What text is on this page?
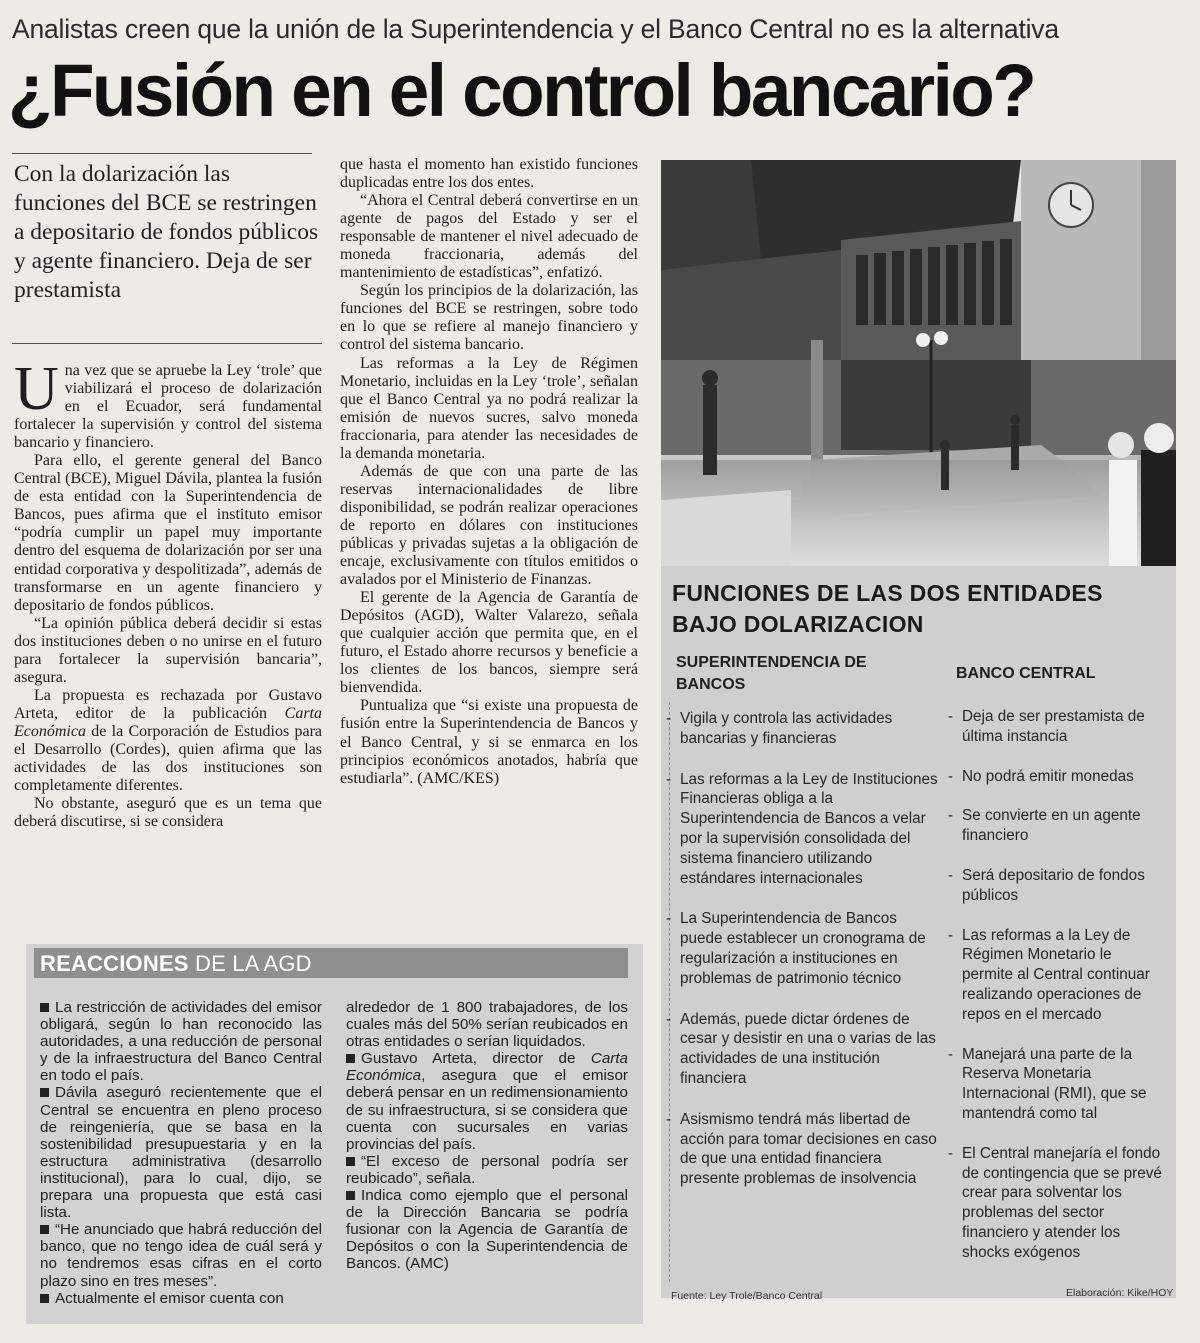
Analistas creen que la unión de la Superintendencia y el Banco Central no es la alternativa
¿Fusión en el control bancario?
Con la dolarización las funciones del BCE se restringen a depositario de fondos públicos y agente financiero. Deja de ser prestamista

Una vez que se apruebe la Ley ‘trole’ que viabilizará el proceso de dolarización en el Ecuador, será fundamental fortalecer la supervisión y control del sistema bancario y financiero.

Para ello, el gerente general del Banco Central (BCE), Miguel Dávila, plantea la fusión de esta entidad con la Superintendencia de Bancos, pues afirma que el instituto emisor “podría cumplir un papel muy importante dentro del esquema de dolarización por ser una entidad corporativa y despolitizada”, además de transformarse en un agente financiero y depositario de fondos públicos.

“La opinión pública deberá decidir si estas dos instituciones deben o no unirse en el futuro para fortalecer la supervisión bancaria”, asegura.

La propuesta es rechazada por Gustavo Arteta, editor de la publicación Carta Económica de la Corporación de Estudios para el Desarrollo (Cordes), quien afirma que las actividades de las dos instituciones son completamente diferentes.

No obstante, aseguró que es un tema que deberá discutirse, si se considera

que hasta el momento han existido funciones duplicadas entre los dos entes.

“Ahora el Central deberá convertirse en un agente de pagos del Estado y ser el responsable de mantener el nivel adecuado de moneda fraccionaria, además del mantenimiento de estadísticas”, enfatizó.

Según los principios de la dolarización, las funciones del BCE se restringen, sobre todo en lo que se refiere al manejo financiero y control del sistema bancario.

Las reformas a la Ley de Régimen Monetario, incluidas en la Ley ‘trole’, señalan que el Banco Central ya no podrá realizar la emisión de nuevos sucres, salvo moneda fraccionaria, para atender las necesidades de la demanda monetaria.

Además de que con una parte de las reservas internacionalidades de libre disponibilidad, se podrán realizar operaciones de reporto en dólares con instituciones públicas y privadas sujetas a la obligación de encaje, exclusivamente con títulos emitidos o avalados por el Ministerio de Finanzas.

El gerente de la Agencia de Garantía de Depósitos (AGD), Walter Valarezo, señala que cualquier acción que permita que, en el futuro, el Estado ahorre recursos y beneficie a los clientes de los bancos, siempre será bienvendida.

Puntualiza que “si existe una propuesta de fusión entre la Superintendencia de Bancos y el Banco Central, y si se enmarca en los principios económicos anotados, habría que estudiarla”. (AMC/KES)

FUNCIONES DE LAS DOS ENTIDADES BAJO DOLARIZACION
SUPERINTENDENCIA DE BANCOS
BANCO CENTRAL
- Vigila y controla las actividades bancarias y financieras
- Las reformas a la Ley de Instituciones Financieras obliga a la Superintendencia de Bancos a velar por la supervisión consolidada del sistema financiero utilizando estándares internacionales
- La Superintendencia de Bancos puede establecer un cronograma de regularización a instituciones en problemas de patrimonio técnico
- Además, puede dictar órdenes de cesar y desistir en una o varias de las actividades de una institución financiera
- Asismismo tendrá más libertad de acción para tomar decisiones en caso de que una entidad financiera presente problemas de insolvencia
- Deja de ser prestamista de última instancia
- No podrá emitir monedas
- Se convierte en un agente financiero
- Será depositario de fondos públicos
- Las reformas a la Ley de Régimen Monetario le permite al Central continuar realizando operaciones de repos en el mercado
- Manejará una parte de la Reserva Monetaria Internacional (RMI), que se mantendrá como tal
- El Central manejaría el fondo de contingencia que se prevé crear para solventar los problemas del sector financiero y atender los shocks exógenos
Fuente: Ley Trole/Banco Central	Elaboración: Kike/HOY
REACCIONES DE LA AGD

La restricción de actividades del emisor obligará, según lo han reconocido las autoridades, a una reducción de personal y de la infraestructura del Banco Central en todo el país.

Dávila aseguró recientemente que el Central se encuentra en pleno proceso de reingeniería, que se basa en la sostenibilidad presupuestaria y en la estructura administrativa (desarrollo institucional), para lo cual, dijo, se prepara una propuesta que está casi lista.

“He anunciado que habrá reducción del banco, que no tengo idea de cuál será y no tendremos esas cifras en el corto plazo sino en tres meses”.

Actualmente el emisor cuenta con

alrededor de 1 800 trabajadores, de los cuales más del 50% serían reubicados en otras entidades o serían liquidados.

Gustavo Arteta, director de Carta Económica, asegura que el emisor deberá pensar en un redimensionamiento de su infraestructura, si se considera que cuenta con sucursales en varias provincias del país.

“El exceso de personal podría ser reubicado”, señala.

Indica como ejemplo que el personal de la Dirección Bancaria se podría fusionar con la Agencia de Garantía de Depósitos o con la Superintendencia de Bancos. (AMC)
